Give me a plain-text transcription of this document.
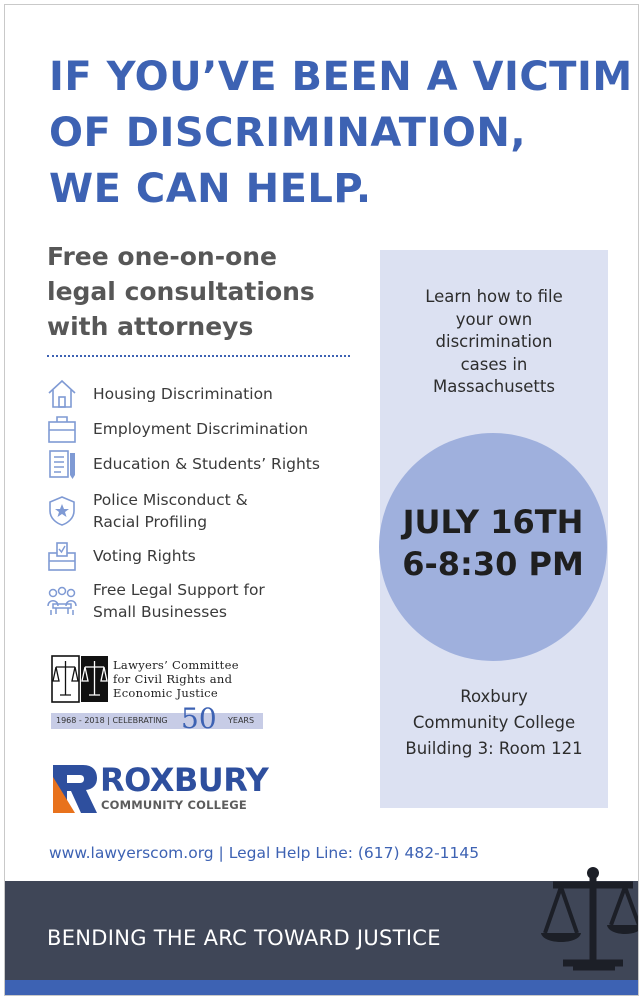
IF YOU’VE BEEN A VICTIM
OF DISCRIMINATION,
WE CAN HELP.
Free one-on-one
legal consultations
with attorneys
Housing Discrimination
Employment Discrimination
Education & Students’ Rights
Police Misconduct &
Racial Profiling
Voting Rights
Free Legal Support for
Small Businesses
Learn how to file
your own
discrimination
cases in
Massachusetts
Roxbury
Community College
Building 3: Room 121
JULY 16TH
6-8:30 PM
Lawyers’ Committee
for Civil Rights and
Economic Justice
1968 - 2018 | CELEBRATING 50 YEARS
ROXBURY
COMMUNITY COLLEGE
www.lawyerscom.org | Legal Help Line: (617) 482-1145
BENDING THE ARC TOWARD JUSTICE
